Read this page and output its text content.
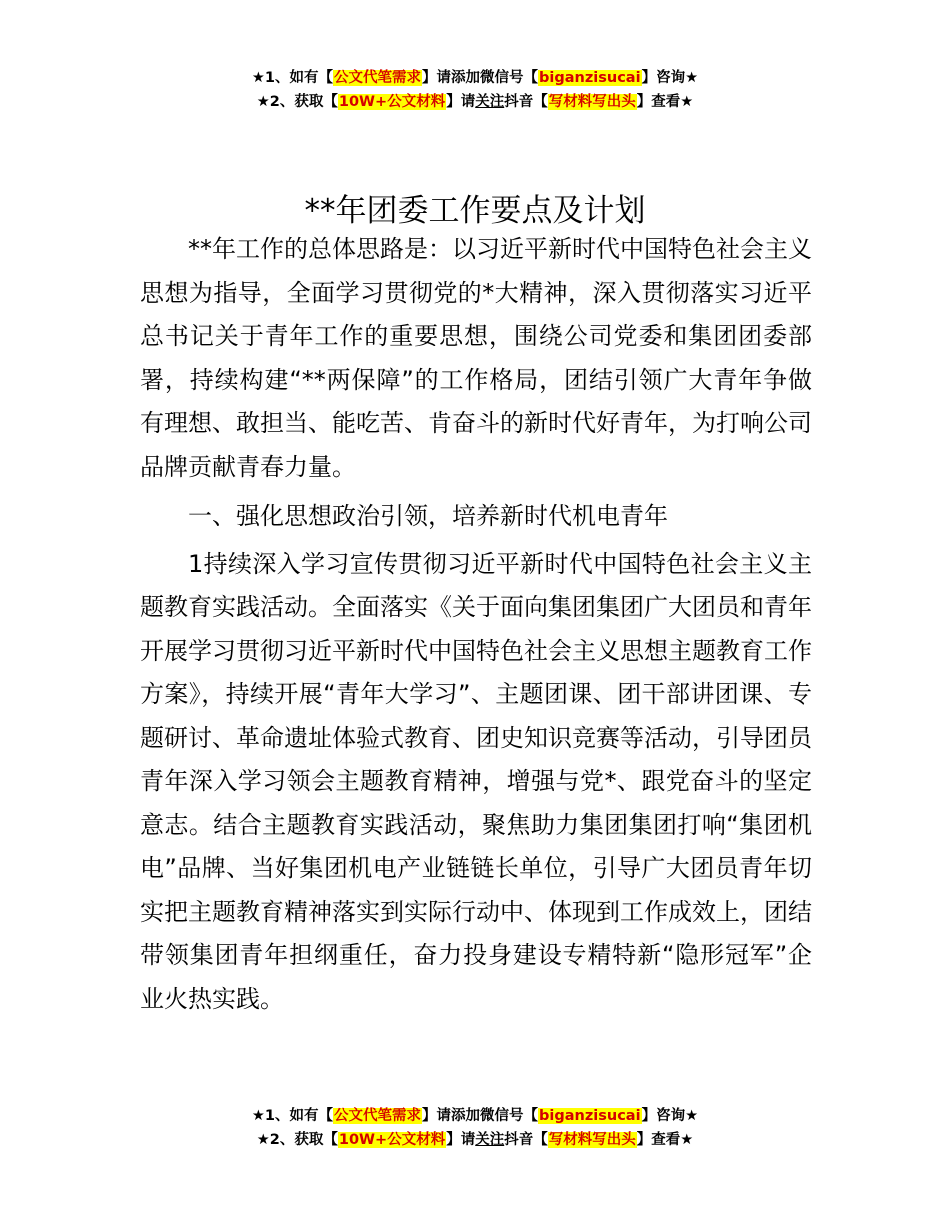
★1、如有【公文代笔需求】请添加微信号【biganzisucai】咨询★
★2、获取【10W+公文材料】请关注抖音【写材料写出头】查看★
**年团委工作要点及计划

**年工作的总体思路是：以习近平新时代中国特色社会主义思想为指导，全面学习贯彻党的*大精神，深入贯彻落实习近平总书记关于青年工作的重要思想，围绕公司党委和集团团委部署，持续构建“**两保障”的工作格局，团结引领广大青年争做有理想、敢担当、能吃苦、肯奋斗的新时代好青年，为打响公司品牌贡献青春力量。

一、强化思想政治引领，培养新时代机电青年

1持续深入学习宣传贯彻习近平新时代中国特色社会主义主题教育实践活动。全面落实《关于面向集团集团广大团员和青年开展学习贯彻习近平新时代中国特色社会主义思想主题教育工作方案》，持续开展“青年大学习”、主题团课、团干部讲团课、专题研讨、革命遗址体验式教育、团史知识竞赛等活动，引导团员青年深入学习领会主题教育精神，增强与党*、跟党奋斗的坚定意志。结合主题教育实践活动，聚焦助力集团集团打响“集团机电”品牌、当好集团机电产业链链长单位，引导广大团员青年切实把主题教育精神落实到实际行动中、体现到工作成效上，团结带领集团青年担纲重任，奋力投身建设专精特新“隐形冠军”企业火热实践。

★1、如有【公文代笔需求】请添加微信号【biganzisucai】咨询★
★2、获取【10W+公文材料】请关注抖音【写材料写出头】查看★
